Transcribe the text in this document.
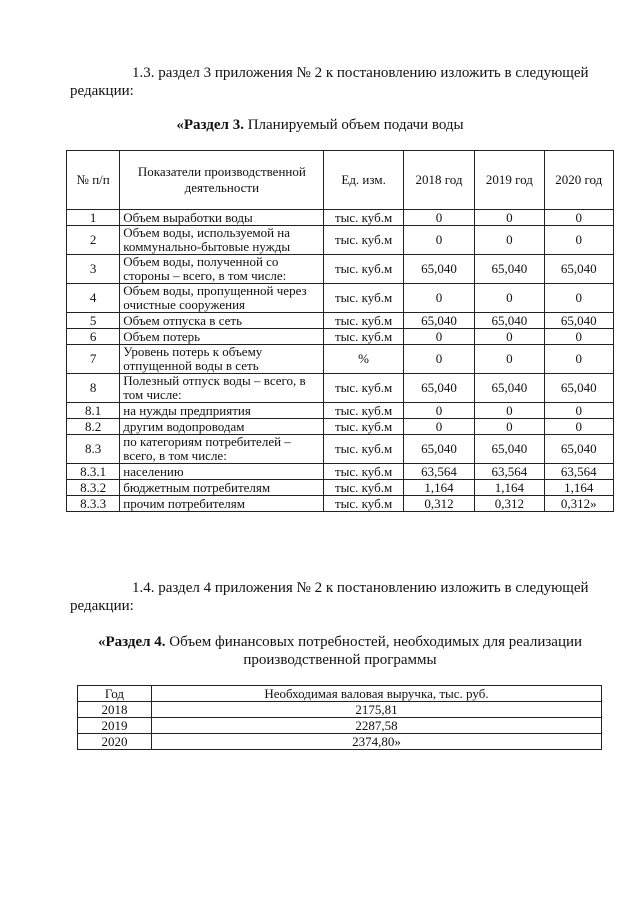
1.3. раздел 3 приложения № 2 к постановлению изложить в следующей редакции:
«Раздел 3. Планируемый объем подачи воды
№ п/п	Показатели производственной деятельности	Ед. изм.	2018 год	2019 год	2020 год
1	Объем выработки воды	тыс. куб.м	0	0	0
2	Объем воды, используемой на коммунально-бытовые нужды	тыс. куб.м	0	0	0
3	Объем воды, полученной со стороны – всего, в том числе:	тыс. куб.м	65,040	65,040	65,040
4	Объем воды, пропущенной через очистные сооружения	тыс. куб.м	0	0	0
5	Объем отпуска в сеть	тыс. куб.м	65,040	65,040	65,040
6	Объем потерь	тыс. куб.м	0	0	0
7	Уровень потерь к объему отпущенной воды в сеть	%	0	0	0
8	Полезный отпуск воды – всего, в том числе:	тыс. куб.м	65,040	65,040	65,040
8.1	на нужды предприятия	тыс. куб.м	0	0	0
8.2	другим водопроводам	тыс. куб.м	0	0	0
8.3	по категориям потребителей – всего, в том числе:	тыс. куб.м	65,040	65,040	65,040
8.3.1	населению	тыс. куб.м	63,564	63,564	63,564
8.3.2	бюджетным потребителям	тыс. куб.м	1,164	1,164	1,164
8.3.3	прочим потребителям	тыс. куб.м	0,312	0,312	0,312»
1.4. раздел 4 приложения № 2 к постановлению изложить в следующей редакции:
«Раздел 4. Объем финансовых потребностей, необходимых для реализации производственной программы
Год	Необходимая валовая выручка, тыс. руб.
2018	2175,81
2019	2287,58
2020	2374,80»
